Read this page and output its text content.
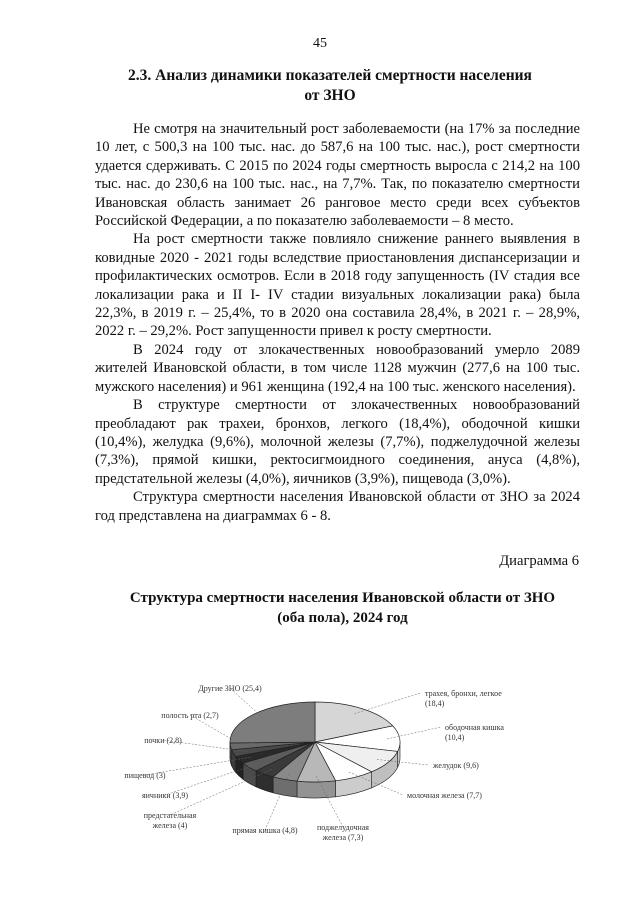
45
2.3. Анализ динамики показателей смертности населения
от ЗНО

Не смотря на значительный рост заболеваемости (на 17% за последние 10 лет, с 500,3 на 100 тыс. нас. до 587,6 на 100 тыс. нас.), рост смертности удается сдерживать. С 2015 по 2024 годы смертность выросла с 214,2 на 100 тыс. нас. до 230,6 на 100 тыс. нас., на 7,7%. Так, по показателю смертности Ивановская область занимает 26 ранговое место среди всех субъектов Российской Федерации, а по показателю заболеваемости – 8 место.

На рост смертности также повлияло снижение раннего выявления в ковидные 2020 - 2021 годы вследствие приостановления диспансеризации и профилактических осмотров. Если в 2018 году запущенность (IV стадия все локализации рака и II I- IV стадии визуальных локализации рака) была 22,3%, в 2019 г. – 25,4%, то в 2020 она составила 28,4%, в 2021 г. – 28,9%, 2022 г. – 29,2%. Рост запущенности привел к росту смертности.

В 2024 году от злокачественных новообразований умерло 2089 жителей Ивановской области, в том числе 1128 мужчин (277,6 на 100 тыс. мужского населения) и 961 женщина (192,4 на 100 тыс. женского населения).

В структуре смертности от злокачественных новообразований преобладают рак трахеи, бронхов, легкого (18,4%), ободочной кишки (10,4%), желудка (9,6%), молочной железы (7,7%), поджелудочной железы (7,3%), прямой кишки, ректосигмоидного соединения, ануса (4,8%), предстательной железы (4,0%), яичников (3,9%), пищевода (3,0%).

Структура смертности населения Ивановской области от ЗНО за 2024 год представлена на диаграммах 6 - 8.

Диаграмма 6
Структура смертности населения Ивановской области от ЗНО
(оба пола), 2024 год
трахея, бронхи, легкое (18,4)
ободочная кишка (10,4)
желудок (9,6)
молочная железа (7,7)
поджелудочная железа (7,3)
прямая кишка (4,8)
предстательная железа (4)
яичники (3,9)
пищевод (3)
почки (2,8)
полость рта (2,7)
Другие ЗНО (25,4)
